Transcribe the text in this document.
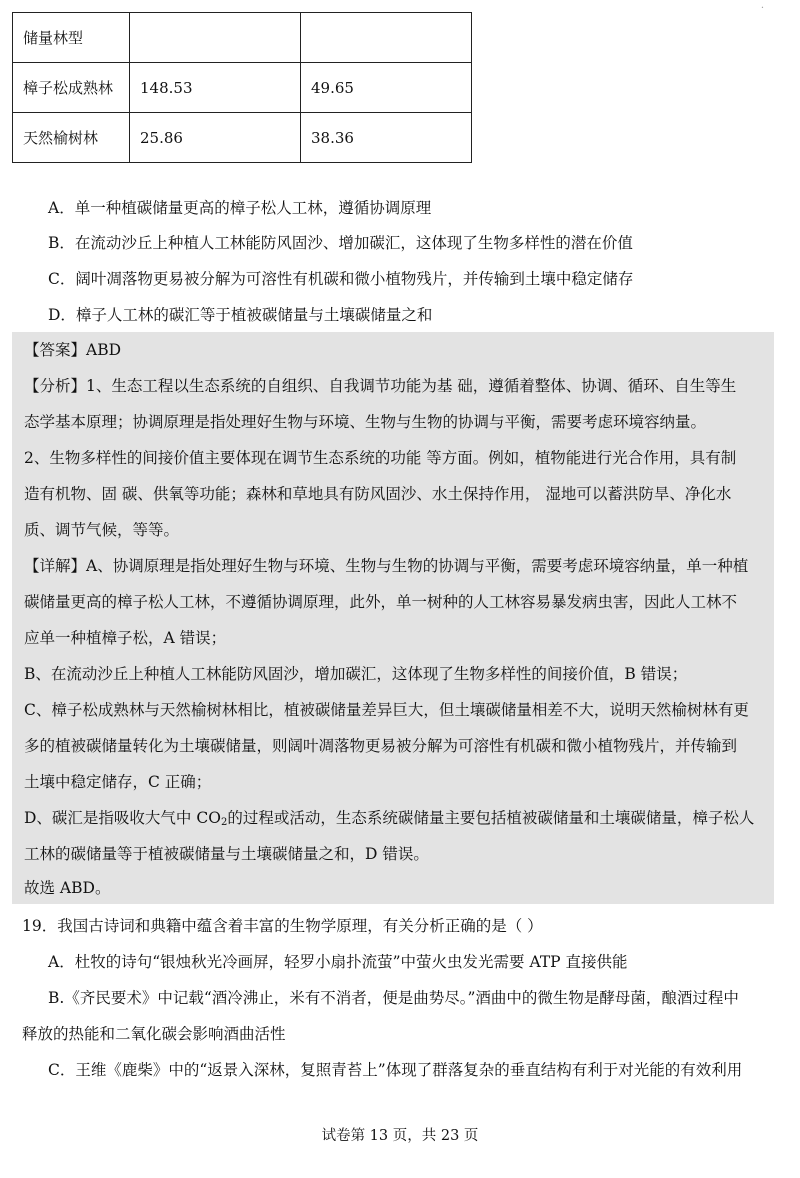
.
储量林型		
樟子松成熟林	148.53	49.65
天然榆树林	25.86	38.36
A．单一种植碳储量更高的樟子松人工林，遵循协调原理
B．在流动沙丘上种植人工林能防风固沙、增加碳汇，这体现了生物多样性的潜在价值
C．阔叶凋落物更易被分解为可溶性有机碳和微小植物残片，并传输到土壤中稳定储存
D．樟子人工林的碳汇等于植被碳储量与土壤碳储量之和
【答案】ABD
【分析】1、生态工程以生态系统的自组织、自我调节功能为基 础，遵循着整体、协调、循环、自生等生
态学基本原理；协调原理是指处理好生物与环境、生物与生物的协调与平衡，需要考虑环境容纳量。
2、生物多样性的间接价值主要体现在调节生态系统的功能 等方面。例如，植物能进行光合作用，具有制
造有机物、固 碳、供氧等功能；森林和草地具有防风固沙、水土保持作用， 湿地可以蓄洪防旱、净化水
质、调节气候，等等。
【详解】A、协调原理是指处理好生物与环境、生物与生物的协调与平衡，需要考虑环境容纳量，单一种植
碳储量更高的樟子松人工林，不遵循协调原理，此外，单一树种的人工林容易暴发病虫害，因此人工林不
应单一种植樟子松，A 错误；
B、在流动沙丘上种植人工林能防风固沙，增加碳汇，这体现了生物多样性的间接价值，B 错误；
C、樟子松成熟林与天然榆树林相比，植被碳储量差异巨大，但土壤碳储量相差不大，说明天然榆树林有更
多的植被碳储量转化为土壤碳储量，则阔叶凋落物更易被分解为可溶性有机碳和微小植物残片，并传输到
土壤中稳定储存，C 正确；
D、碳汇是指吸收大气中 $CO_2$的过程或活动，生态系统碳储量主要包括植被碳储量和土壤碳储量，樟子松人
工林的碳储量等于植被碳储量与土壤碳储量之和，D 错误。
故选 ABD。
19．我国古诗词和典籍中蕴含着丰富的生物学原理，有关分析正确的是（ ）
A．杜牧的诗句“银烛秋光冷画屏，轻罗小扇扑流萤”中萤火虫发光需要 ATP 直接供能
B.《齐民要术》中记载“酒冷沸止，米有不消者，便是曲势尽。”酒曲中的微生物是酵母菌，酿酒过程中
释放的热能和二氧化碳会影响酒曲活性
C．王维《鹿柴》中的“返景入深林，复照青苔上”体现了群落复杂的垂直结构有利于对光能的有效利用
试卷第 13 页，共 23 页
